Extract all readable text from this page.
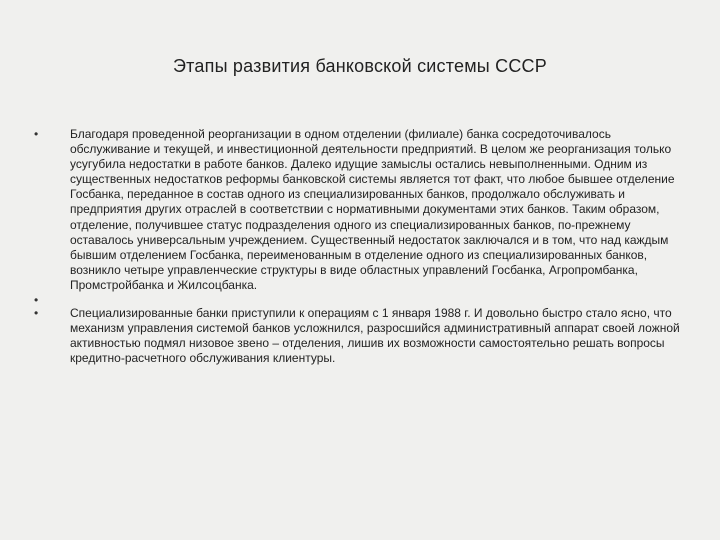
Этапы развития банковской системы СССР
•	Благодаря проведенной реорганизации в одном отделении (филиале) банка сосредоточивалось обслуживание и текущей, и инвестиционной деятельности предприятий. В целом же реорганизация только усугубила недостатки в работе банков. Далеко идущие замыслы остались невыполненными. Одним из существенных недостатков реформы банковской системы является тот факт, что любое бывшее отделение Госбанка, переданное в состав одного из специализированных банков, продолжало обслуживать и предприятия других отраслей в соответствии с нормативными документами этих банков. Таким образом, отделение, получившее статус подразделения одного из специализированных банков, по-прежнему оставалось универсальным учреждением. Существенный недостаток заключался и в том, что над каждым бывшим отделением Госбанка, переименованным в отделение одного из специализированных банков, возникло четыре управленческие структуры в виде областных управлений Госбанка, Агропромбанка, Промстройбанка и Жилсоцбанка.
•
•	Специализированные банки приступили к операциям с 1 января 1988 г. И довольно быстро стало ясно, что механизм управления системой банков усложнился, разросшийся административный аппарат своей ложной активностью подмял низовое звено – отделения, лишив их возможности самостоятельно решать вопросы кредитно-расчетного обслуживания клиентуры.
